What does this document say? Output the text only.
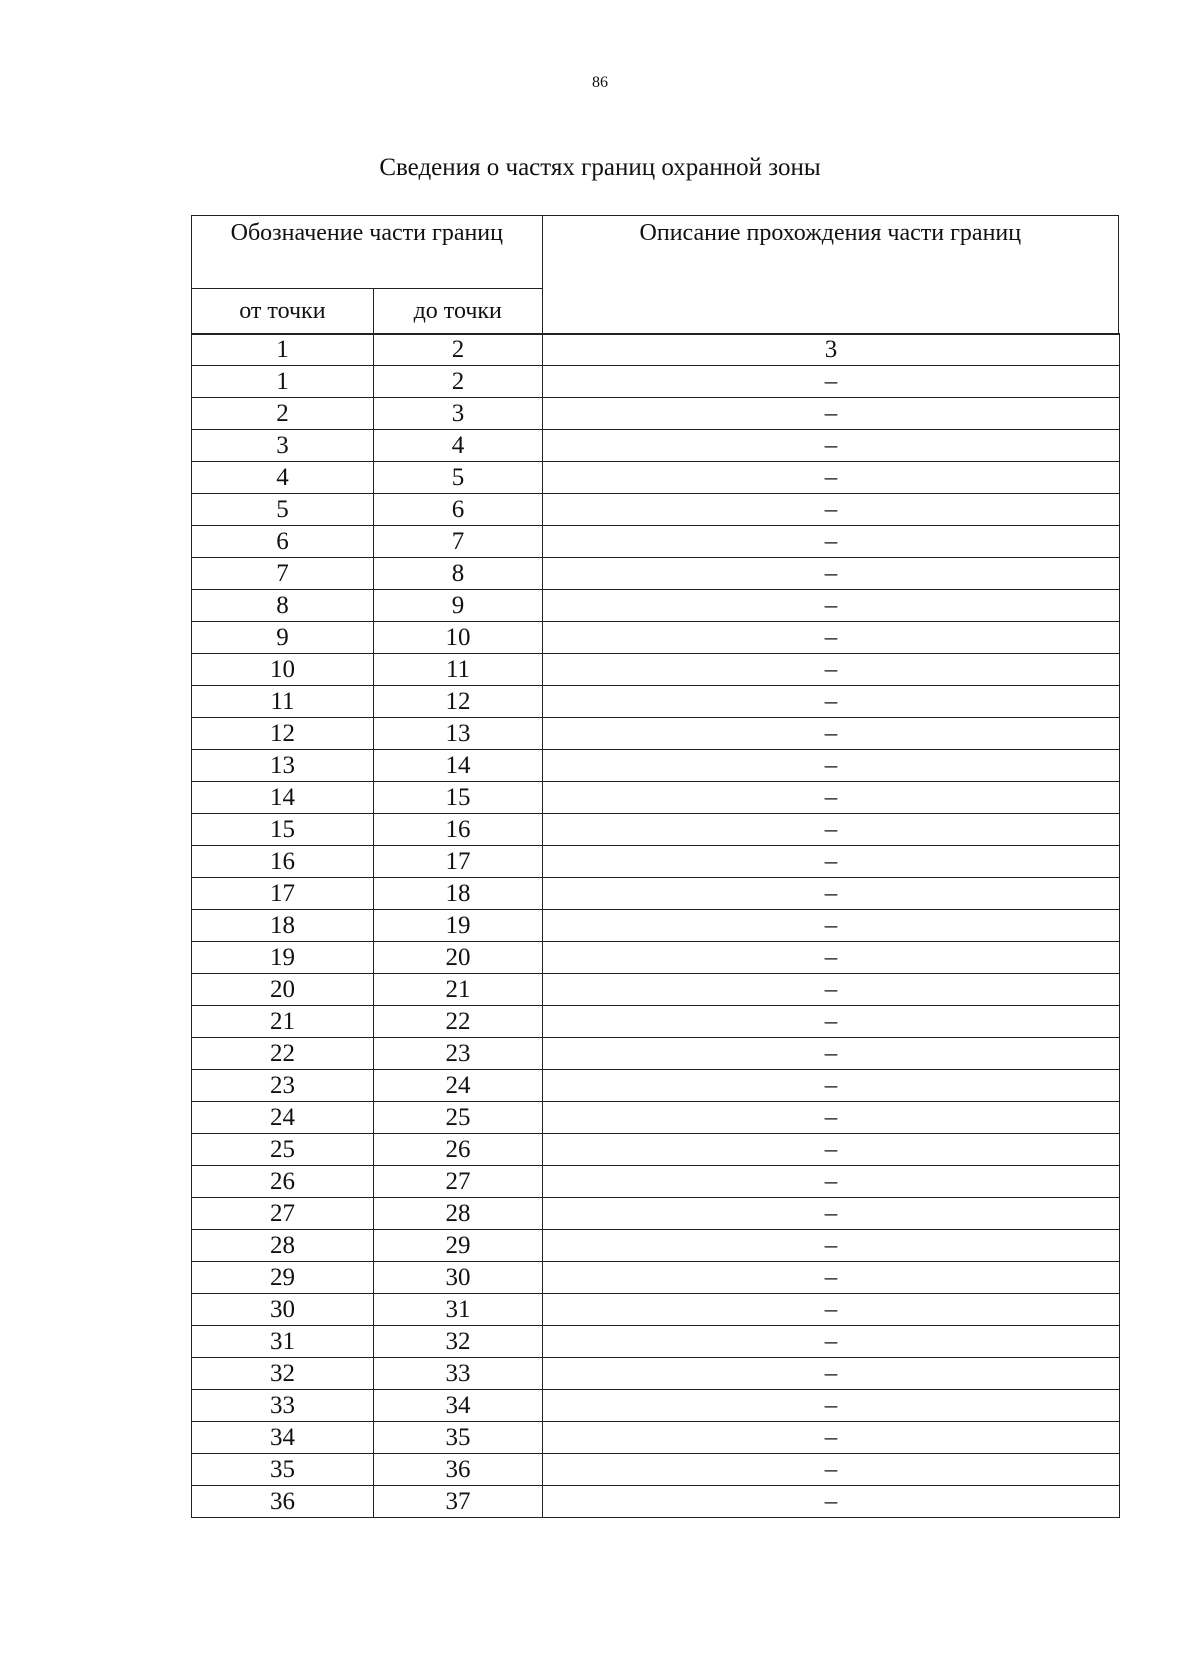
86
Сведения о частях границ охранной зоны
Обозначение части границ		Описание прохождения части границ
от точки	до точки	
1	2	3
1	2	–
2	3	–
3	4	–
4	5	–
5	6	–
6	7	–
7	8	–
8	9	–
9	10	–
10	11	–
11	12	–
12	13	–
13	14	–
14	15	–
15	16	–
16	17	–
17	18	–
18	19	–
19	20	–
20	21	–
21	22	–
22	23	–
23	24	–
24	25	–
25	26	–
26	27	–
27	28	–
28	29	–
29	30	–
30	31	–
31	32	–
32	33	–
33	34	–
34	35	–
35	36	–
36	37	–
